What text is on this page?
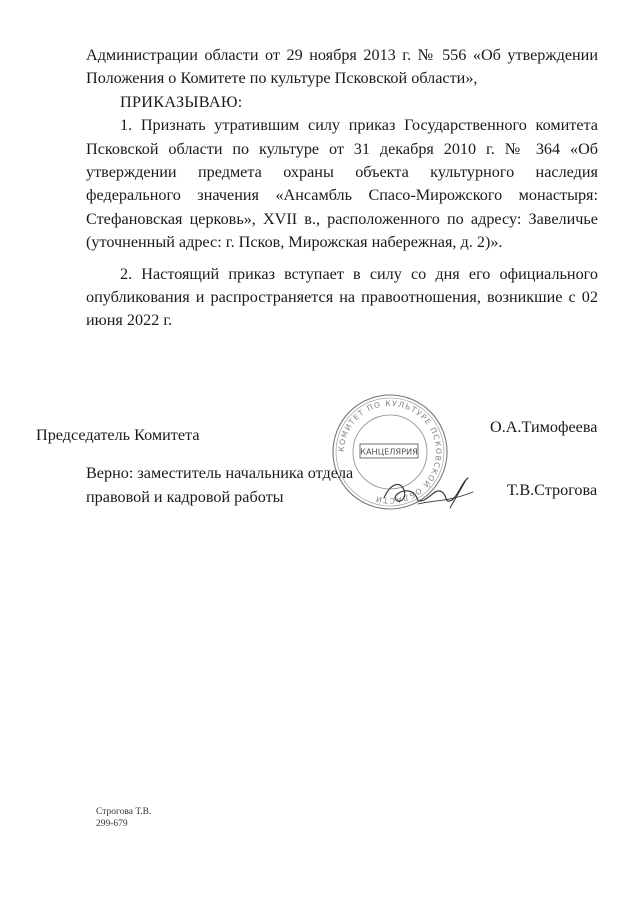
Администрации области от 29 ноября 2013 г. № 556 «Об утверждении Положения о Комитете по культуре Псковской области»,

ПРИКАЗЫВАЮ:

1. Признать утратившим силу приказ Государственного комитета Псковской области по культуре от 31 декабря 2010 г. № 364 «Об утверждении предмета охраны объекта культурного наследия федерального значения «Ансамбль Спасо-Мирожского монастыря: Стефановская церковь», XVII в., расположенного по адресу: Завеличье (уточненный адрес: г. Псков, Мирожская набережная, д. 2)».

2. Настоящий приказ вступает в силу со дня его официального опубликования и распространяется на правоотношения, возникшие с 02 июня 2022 г.

КОМИТЕТ ПО КУЛЬТУРЕ ПСКОВСКОЙ ОБЛАСТИ
КАНЦЕЛЯРИЯ
Председатель Комитета	О.А.Тимофеева
Верно: заместитель начальника отдела
правовой и кадровой работы	Т.В.Строгова
Строгова Т.В.
299-679
